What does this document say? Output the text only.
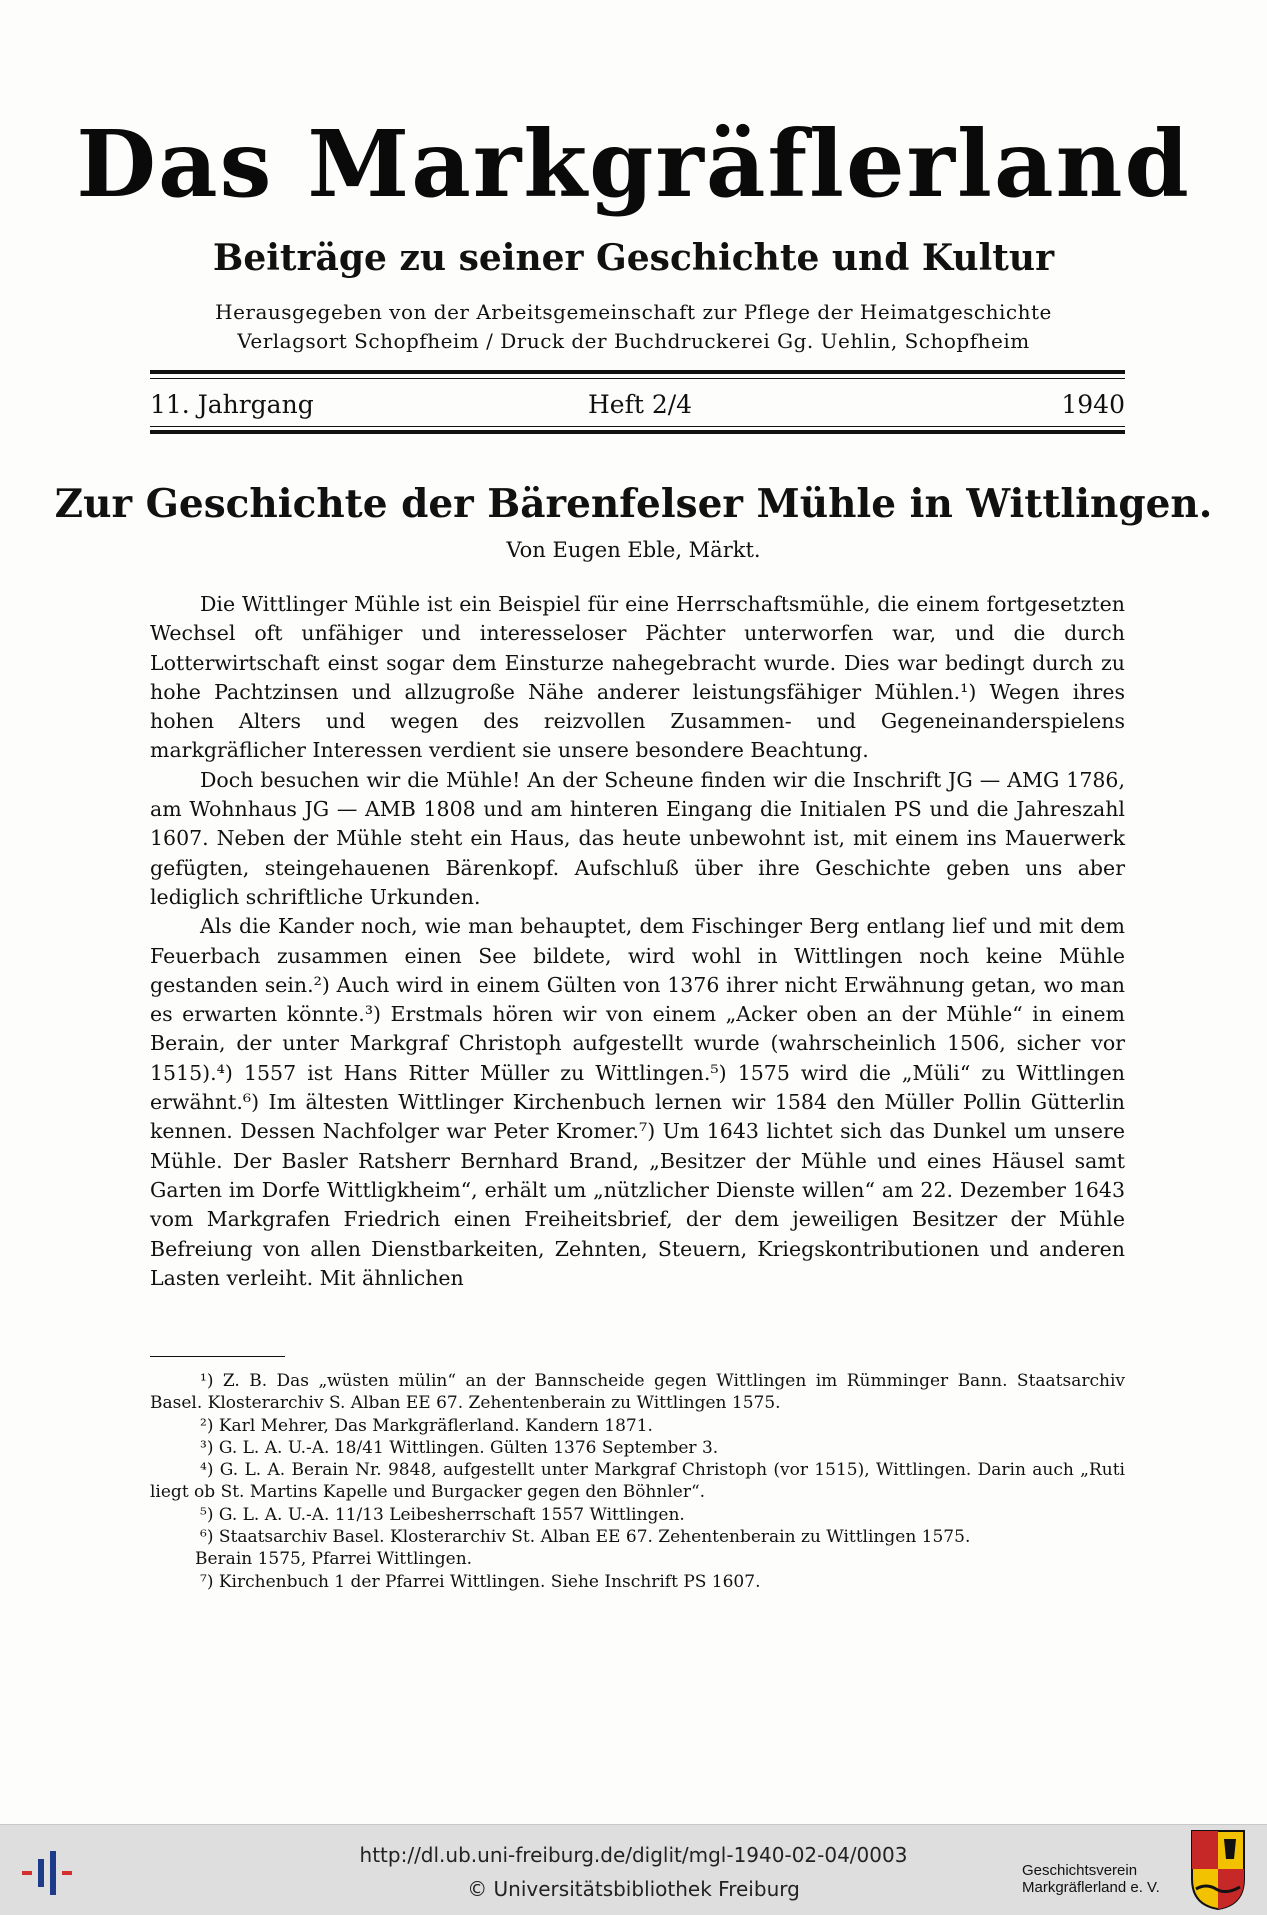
Das Markgräflerland
Beiträge zu seiner Geschichte und Kultur
Herausgegeben von der Arbeitsgemeinschaft zur Pflege der Heimatgeschichte
Verlagsort Schopfheim / Druck der Buchdruckerei Gg. Uehlin, Schopfheim
11. Jahrgang	Heft 2/4	1940
Zur Geschichte der Bärenfelser Mühle in Wittlingen.
Von Eugen Eble, Märkt.

Die Wittlinger Mühle ist ein Beispiel für eine Herrschaftsmühle, die einem fortgesetzten Wechsel oft unfähiger und interesseloser Pächter unterworfen war, und die durch Lotterwirtschaft einst sogar dem Einsturze nahegebracht wurde. Dies war bedingt durch zu hohe Pachtzinsen und allzugroße Nähe anderer leistungsfähiger Mühlen.¹) Wegen ihres hohen Alters und wegen des reizvollen Zusammen- und Gegeneinanderspielens markgräflicher Interessen verdient sie unsere besondere Beachtung.

Doch besuchen wir die Mühle! An der Scheune finden wir die Inschrift JG — AMG 1786, am Wohnhaus JG — AMB 1808 und am hinteren Eingang die Initialen PS und die Jahreszahl 1607. Neben der Mühle steht ein Haus, das heute unbewohnt ist, mit einem ins Mauerwerk gefügten, steingehauenen Bärenkopf. Aufschluß über ihre Geschichte geben uns aber lediglich schriftliche Urkunden.

Als die Kander noch, wie man behauptet, dem Fischinger Berg entlang lief und mit dem Feuerbach zusammen einen See bildete, wird wohl in Wittlingen noch keine Mühle gestanden sein.²) Auch wird in einem Gülten von 1376 ihrer nicht Erwähnung getan, wo man es erwarten könnte.³) Erstmals hören wir von einem „Acker oben an der Mühle“ in einem Berain, der unter Markgraf Christoph aufgestellt wurde (wahrscheinlich 1506, sicher vor 1515).⁴) 1557 ist Hans Ritter Müller zu Wittlingen.⁵) 1575 wird die „Müli“ zu Wittlingen erwähnt.⁶) Im ältesten Wittlinger Kirchenbuch lernen wir 1584 den Müller Pollin Gütterlin kennen. Dessen Nachfolger war Peter Kromer.⁷) Um 1643 lichtet sich das Dunkel um unsere Mühle. Der Basler Ratsherr Bernhard Brand, „Besitzer der Mühle und eines Häusel samt Garten im Dorfe Wittligkheim“, erhält um „nützlicher Dienste willen“ am 22. Dezember 1643 vom Markgrafen Friedrich einen Freiheitsbrief, der dem jeweiligen Besitzer der Mühle Befreiung von allen Dienstbarkeiten, Zehnten, Steuern, Kriegskontributionen und anderen Lasten verleiht. Mit ähnlichen

¹) Z. B. Das „wüsten mülin“ an der Bannscheide gegen Wittlingen im Rümminger Bann. Staatsarchiv Basel. Klosterarchiv S. Alban EE 67. Zehentenberain zu Wittlingen 1575.

²) Karl Mehrer, Das Markgräflerland. Kandern 1871.

³) G. L. A. U.-A. 18/41 Wittlingen. Gülten 1376 September 3.

⁴) G. L. A. Berain Nr. 9848, aufgestellt unter Markgraf Christoph (vor 1515), Wittlingen. Darin auch „Ruti liegt ob St. Martins Kapelle und Burgacker gegen den Böhnler“.

⁵) G. L. A. U.-A. 11/13 Leibesherrschaft 1557 Wittlingen.

⁶) Staatsarchiv Basel. Klosterarchiv St. Alban EE 67. Zehentenberain zu Wittlingen 1575.

Berain 1575, Pfarrei Wittlingen.

⁷) Kirchenbuch 1 der Pfarrei Wittlingen. Siehe Inschrift PS 1607.

http://dl.ub.uni-freiburg.de/diglit/mgl-1940-02-04/0003
© Universitätsbibliothek Freiburg
Geschichtsverein
Markgräflerland e. V.
